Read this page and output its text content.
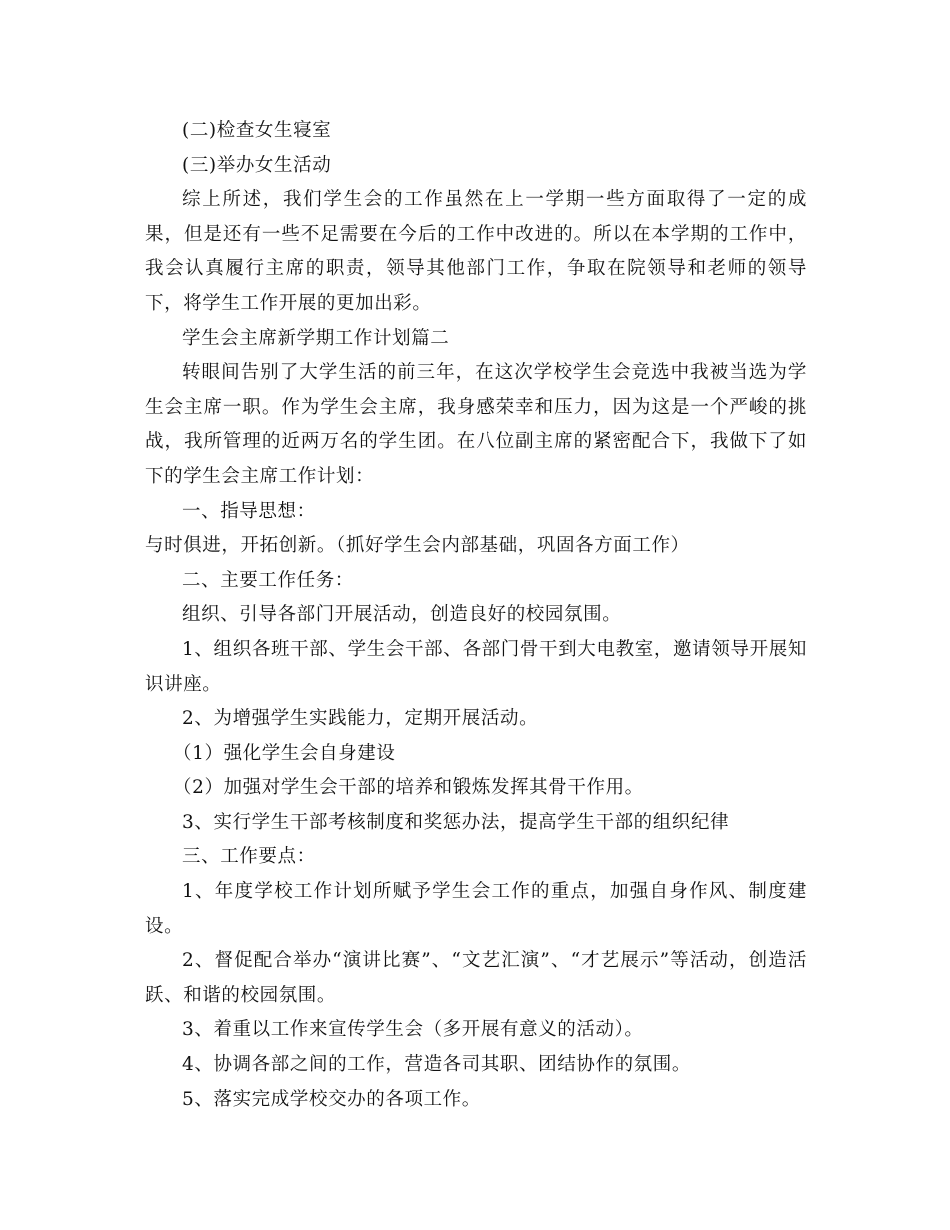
(二)检查女生寝室

(三)举办女生活动

综上所述，我们学生会的工作虽然在上一学期一些方面取得了一定的成果，但是还有一些不足需要在今后的工作中改进的。所以在本学期的工作中，我会认真履行主席的职责，领导其他部门工作，争取在院领导和老师的领导下，将学生工作开展的更加出彩。

学生会主席新学期工作计划篇二

转眼间告别了大学生活的前三年，在这次学校学生会竞选中我被当选为学生会主席一职。作为学生会主席，我身感荣幸和压力，因为这是一个严峻的挑战，我所管理的近两万名的学生团。在八位副主席的紧密配合下，我做下了如下的学生会主席工作计划：

一、指导思想：

与时俱进，开拓创新。（抓好学生会内部基础，巩固各方面工作）

二、主要工作任务：

组织、引导各部门开展活动，创造良好的校园氛围。

1、组织各班干部、学生会干部、各部门骨干到大电教室，邀请领导开展知识讲座。

2、为增强学生实践能力，定期开展活动。

（1）强化学生会自身建设

（2）加强对学生会干部的培养和锻炼发挥其骨干作用。

3、实行学生干部考核制度和奖惩办法，提高学生干部的组织纪律

三、工作要点：

1、年度学校工作计划所赋予学生会工作的重点，加强自身作风、制度建设。

2、督促配合举办“演讲比赛”、“文艺汇演”、“才艺展示”等活动，创造活跃、和谐的校园氛围。

3、着重以工作来宣传学生会（多开展有意义的活动）。

4、协调各部之间的工作，营造各司其职、团结协作的氛围。

5、落实完成学校交办的各项工作。
